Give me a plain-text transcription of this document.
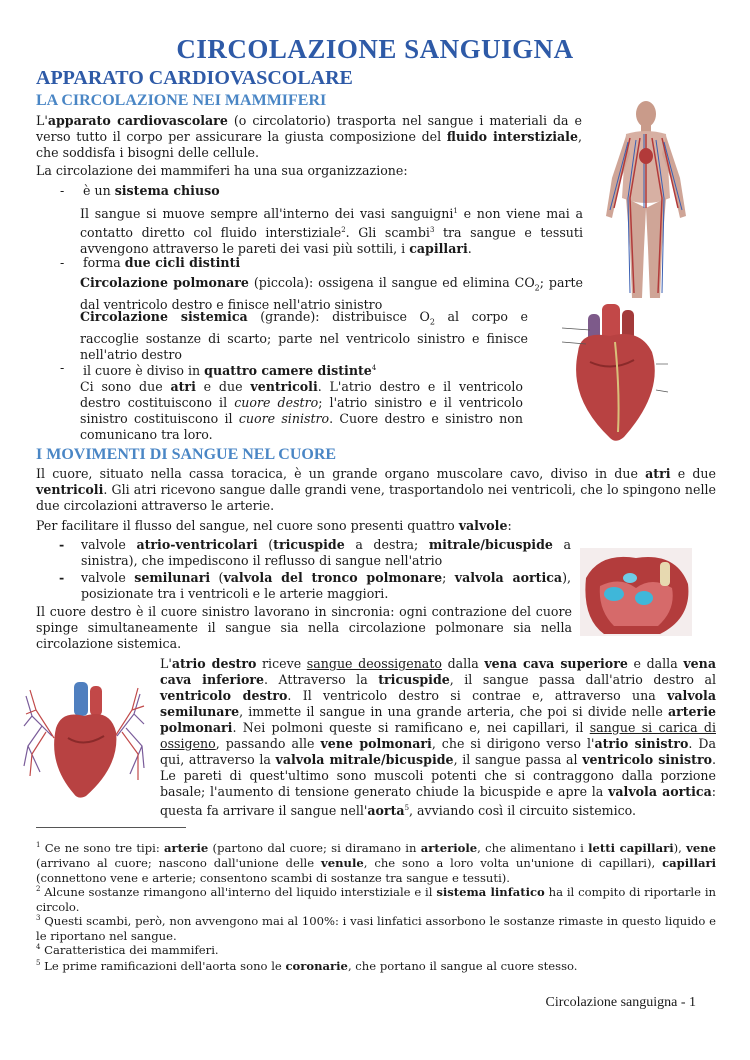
CIRCOLAZIONE SANGUIGNA
APPARATO CARDIOVASCOLARE
LA CIRCOLAZIONE NEI MAMMIFERI
L'apparato cardiovascolare (o circolatorio) trasporta nel sangue i materiali da e verso tutto il corpo per assicurare la giusta composizione del fluido interstiziale, che soddisfa i bisogni delle cellule.
La circolazione dei mammiferi ha una sua organizzazione:
- è un sistema chiuso
Il sangue si muove sempre all'interno dei vasi sanguigni$^1$ e non viene mai a contatto diretto col fluido interstiziale$^2$. Gli scambi$^3$ tra sangue e tessuti avvengono attraverso le pareti dei vasi più sottili, i capillari.
- forma due cicli distinti
Circolazione polmonare (piccola): ossigena il sangue ed elimina $CO_2$; parte dal ventricolo destro e finisce nell'atrio sinistro
Circolazione sistemica (grande): distribuisce $O_2$ al corpo e raccoglie sostanze di scarto; parte nel ventricolo sinistro e finisce nell'atrio destro
- il cuore è diviso in quattro camere distinte$^4$
Ci sono due atri e due ventricoli. L'atrio destro e il ventricolo destro costituiscono il cuore destro; l'atrio sinistro e il ventricolo sinistro costituiscono il cuore sinistro. Cuore destro e sinistro non comunicano tra loro.
I MOVIMENTI DI SANGUE NEL CUORE
Il cuore, situato nella cassa toracica, è un grande organo muscolare cavo, diviso in due atri e due ventricoli. Gli atri ricevono sangue dalle grandi vene, trasportandolo nei ventricoli, che lo spingono nelle due circolazioni attraverso le arterie.
Per facilitare il flusso del sangue, nel cuore sono presenti quattro valvole:
- valvole atrio-ventricolari (tricuspide a destra; mitrale/bicuspide a sinistra), che impediscono il reflusso di sangue nell'atrio
- valvole semilunari (valvola del tronco polmonare; valvola aortica), posizionate tra i ventricoli e le arterie maggiori.
Il cuore destro è il cuore sinistro lavorano in sincronia: ogni contrazione del cuore spinge simultaneamente il sangue sia nella circolazione polmonare sia nella circolazione sistemica.
L'atrio destro riceve sangue deossigenato dalla vena cava superiore e dalla vena cava inferiore. Attraverso la tricuspide, il sangue passa dall'atrio destro al ventricolo destro. Il ventricolo destro si contrae e, attraverso una valvola semilunare, immette il sangue in una grande arteria, che poi si divide nelle arterie polmonari. Nei polmoni queste si ramificano e, nei capillari, il sangue si carica di ossigeno, passando alle vene polmonari, che si dirigono verso l'atrio sinistro. Da qui, attraverso la valvola mitrale/bicuspide, il sangue passa al ventricolo sinistro. Le pareti di quest'ultimo sono muscoli potenti che si contraggono dalla porzione basale; l'aumento di tensione generato chiude la bicuspide e apre la valvola aortica: questa fa arrivare il sangue nell'aorta$^5$, avviando così il circuito sistemico.
$^1$ Ce ne sono tre tipi: arterie (partono dal cuore; si diramano in arteriole, che alimentano i letti capillari), vene (arrivano al cuore; nascono dall'unione delle venule, che sono a loro volta un'unione di capillari), capillari (connettono vene e arterie; consentono scambi di sostanze tra sangue e tessuti).
$^2$ Alcune sostanze rimangono all'interno del liquido interstiziale e il sistema linfatico ha il compito di riportarle in circolo.
$^3$ Questi scambi, però, non avvengono mai al 100%: i vasi linfatici assorbono le sostanze rimaste in questo liquido e le riportano nel sangue.
$^4$ Caratteristica dei mammiferi.
$^5$ Le prime ramificazioni dell'aorta sono le coronarie, che portano il sangue al cuore stesso.
Circolazione sanguigna - 1
